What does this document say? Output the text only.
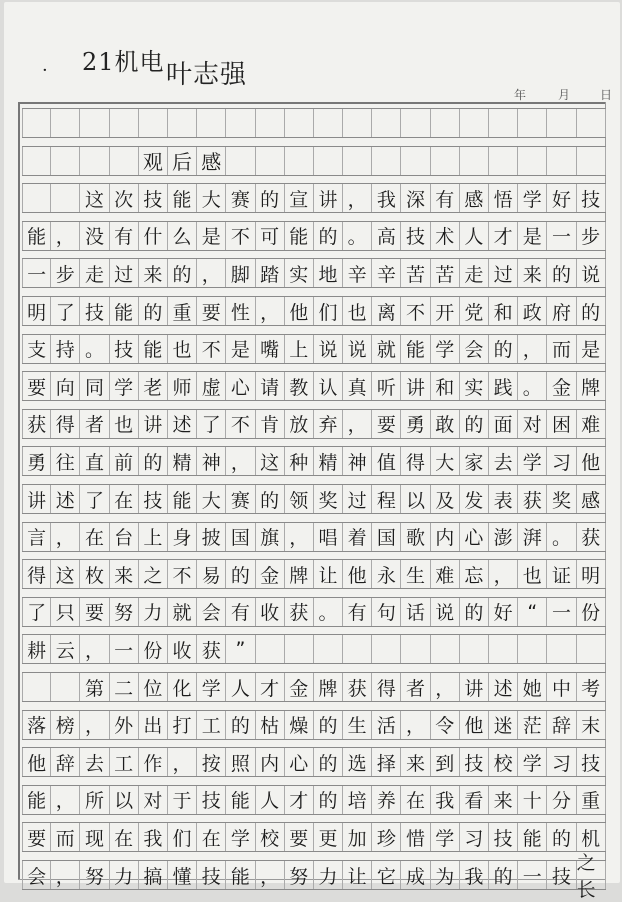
· 21机电 叶志强
年	月	日
观 后 感
这 次 技 能 大 赛 的 宣 讲 ， 我 深 有 感 悟 学 好 技
能 ， 没 有 什 么 是 不 可 能 的 。 高 技 术 人 才 是 一 步
一 步 走 过 来 的 ， 脚 踏 实 地 辛 辛 苦 苦 走 过 来 的 说
明 了 技 能 的 重 要 性 ， 他 们 也 离 不 开 党 和 政 府 的
支 持 。 技 能 也 不 是 嘴 上 说 说 就 能 学 会 的 ， 而 是
要 向 同 学 老 师 虚 心 请 教 认 真 听 讲 和 实 践 。 金 牌
获 得 者 也 讲 述 了 不 肯 放 弃 ， 要 勇 敢 的 面 对 困 难
勇 往 直 前 的 精 神 ， 这 种 精 神 值 得 大 家 去 学 习 他
讲 述 了 在 技 能 大 赛 的 领 奖 过 程 以 及 发 表 获 奖 感
言 ， 在 台 上 身 披 国 旗 ， 唱 着 国 歌 内 心 澎 湃 。 获
得 这 枚 来 之 不 易 的 金 牌 让 他 永 生 难 忘 ， 也 证 明
了 只 要 努 力 就 会 有 收 获 。 有 句 话 说 的 好 “ 一 份
耕 云 ， 一 份 收 获 ”
第 二 位 化 学 人 才 金 牌 获 得 者 ， 讲 述 她 中 考
落 榜 ， 外 出 打 工 的 枯 燥 的 生 活 ， 令 他 迷 茫 辞 末
他 辞 去 工 作 ， 按 照 内 心 的 选 择 来 到 技 校 学 习 技
能 ， 所 以 对 于 技 能 人 才 的 培 养 在 我 看 来 十 分 重
要 而 现 在 我 们 在 学 校 要 更 加 珍 惜 学 习 技 能 的 机
会 ， 努 力 搞 懂 技 能 ， 努 力 让 它 成 为 我 的 一 技
之长
